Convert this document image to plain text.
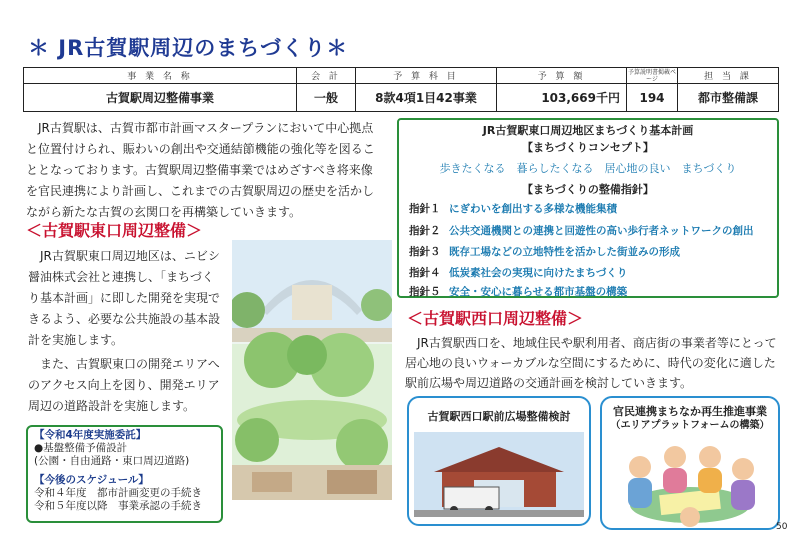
＊ JR古賀駅周辺のまちづくり＊
事 業 名 称	会 計	予 算 科 目	予 算 額	予算説明書掲載ページ	担 当 課
古賀駅周辺整備事業	一般	8款4項1目42事業	103,669千円	194	都市整備課
JR古賀駅は、古賀市都市計画マスタープランにおいて中心拠点と位置付けられ、賑わいの創出や交通結節機能の強化等を図ることとなっております。古賀駅周辺整備事業ではめざすべき将来像を官民連携により計画し、これまでの古賀駅周辺の歴史を活かしながら新たな古賀の玄関口を再構築していきます。
＜古賀駅東口周辺整備＞

JR古賀駅東口周辺地区は、ニビシ醤油株式会社と連携し、「まちづくり基本計画」に即した開発を実現できるよう、必要な公共施設の基本設計を実施します。

また、古賀駅東口の開発エリアへのアクセス向上を図り、開発エリア周辺の道路設計を実施します。

【令和4年度実施委託】
●基盤整備予備設計
(公園・自由通路・東口周辺道路)
【今後のスケジュール】
令和４年度　都市計画変更の手続き
令和５年度以降　事業承認の手続き
JR古賀駅東口周辺地区まちづくり基本計画
【まちづくりコンセプト】
歩きたくなる　暮らしたくなる　居心地の良い　まちづくり
【まちづくりの整備指針】
指針１ にぎわいを創出する多様な機能集積
指針２ 公共交通機関との連携と回遊性の高い歩行者ネットワークの創出
指針３ 既存工場などの立地特性を活かした街並みの形成
指針４ 低炭素社会の実現に向けたまちづくり
指針５ 安全・安心に暮らせる都市基盤の構築
＜古賀駅西口周辺整備＞
JR古賀駅西口を、地域住民や駅利用者、商店街の事業者等にとって居心地の良いウォーカブルな空間にするために、時代の変化に適した駅前広場や周辺道路の交通計画を検討していきます。
古賀駅西口駅前広場整備検討	官民連携まちなか再生推進事業
（エリアプラットフォームの構築）
50
